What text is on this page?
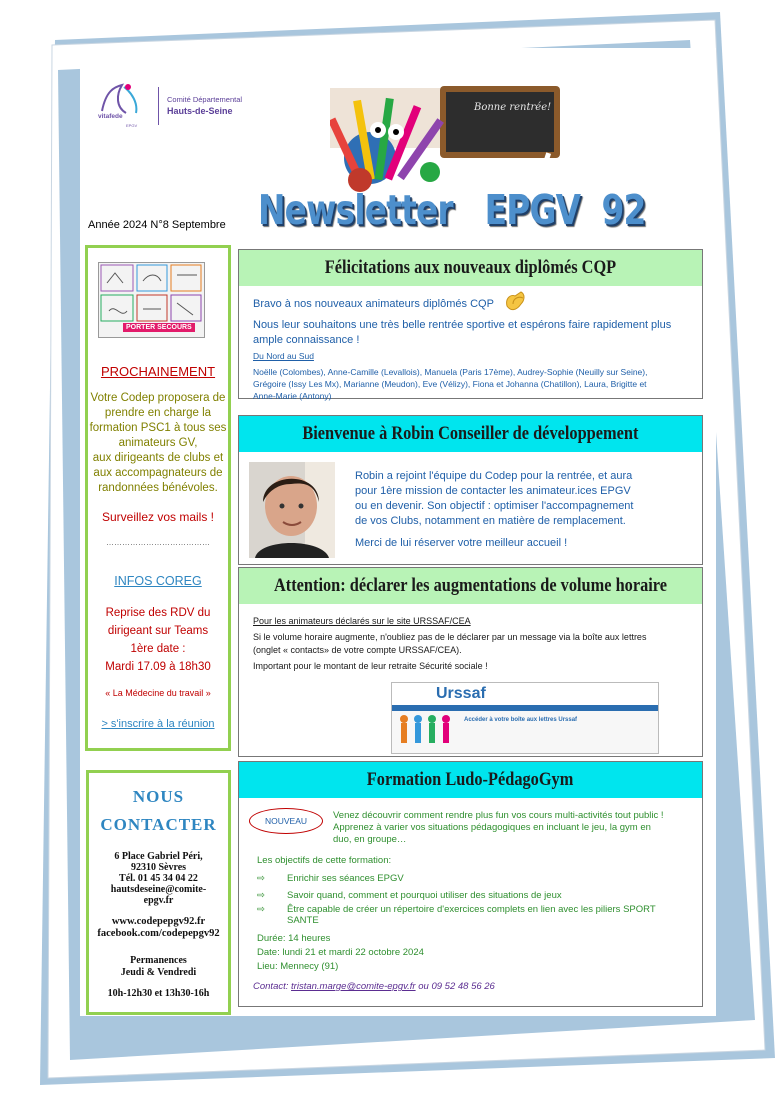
vitafede
EPGV
Comité Départemental
Hauts-de-Seine	Bonne rentrée!
Newsletter   EPGV  92
Année 2024 N°8 Septembre
PORTER SECOURS
PROCHAINEMENT
Votre Codep proposera de
prendre en charge la
formation PSC1 à tous ses
animateurs GV,
aux dirigeants de clubs et
aux accompagnateurs de
randonnées bénévoles.
Surveillez vos mails !
…………………………………
INFOS COREG
Reprise des RDV du
dirigeant sur Teams
1ère date :
Mardi 17.09 à 18h30
« La Médecine du travail »
> s'inscrire à la réunion
NOUS
CONTACTER
6 Place Gabriel Péri,
92310 Sèvres
Tél. 01 45 34 04 22
hautsdeseine@comite-
epgv.fr
www.codepepgv92.fr
facebook.com/codepepgv92
Permanences
Jeudi & Vendredi
10h-12h30 et 13h30-16h
Félicitations aux nouveaux diplômés CQP
Bravo à nos nouveaux animateurs diplômés CQP
Nous leur souhaitons une très belle rentrée sportive et espérons faire rapidement plus
ample connaissance !
Du Nord au Sud
Noëlle (Colombes), Anne-Camille (Levallois), Manuela (Paris 17ème), Audrey-Sophie (Neuilly sur Seine),
Grégoire (Issy Les Mx), Marianne (Meudon), Eve (Vélizy), Fiona et Johanna (Chatillon), Laura, Brigitte et
Anne-Marie (Antony)
Bienvenue à Robin Conseiller de développement
Robin a rejoint l'équipe du Codep pour la rentrée, et aura
pour 1ère mission de contacter les animateur.ices EPGV
ou en devenir. Son objectif : optimiser l'accompagnement
de vos Clubs, notamment en matière de remplacement.
Merci de lui réserver votre meilleur accueil !
Attention: déclarer les augmentations de volume horaire
Pour les animateurs déclarés sur le site URSSAF/CEA
Si le volume horaire augmente, n'oubliez pas de le déclarer par un message via la boîte aux lettres
(onglet « contacts» de votre compte URSSAF/CEA).
Important pour le montant de leur retraite Sécurité sociale !
Urssaf
Accéder à votre boîte aux lettres Urssaf
Formation Ludo-PédagoGym
NOUVEAU	Venez découvrir comment rendre plus fun vos cours multi-activités tout public !
Apprenez à varier vos situations pédagogiques en incluant le jeu, la gym en
duo, en groupe…
Les objectifs de cette formation:
⇨ Enrichir ses séances EPGV
⇨ Savoir quand, comment et pourquoi utiliser des situations de jeux
⇨ Être capable de créer un répertoire d'exercices complets en lien avec les piliers SPORT
SANTE
Durée: 14 heures
Date: lundi 21 et mardi 22 octobre 2024
Lieu: Mennecy (91)
Contact: tristan.marge@comite-epgv.fr ou 09 52 48 56 26
